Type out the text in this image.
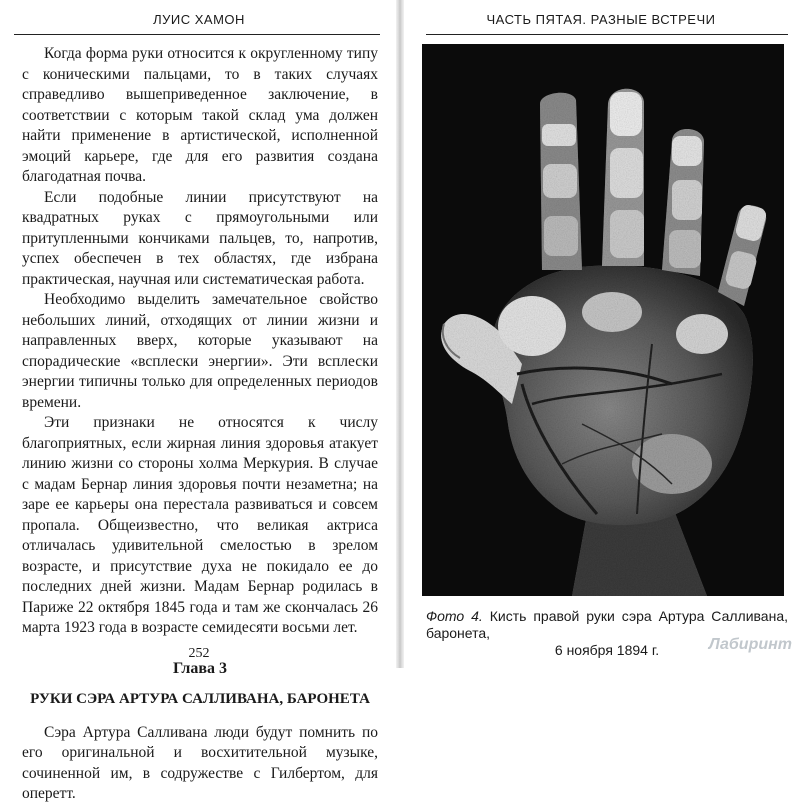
ЛУИС ХАМОН

Когда форма руки относится к округленному типу с коническими пальцами, то в таких случаях справедливо вышеприведенное заключение, в соответствии с которым такой склад ума должен найти применение в артистической, исполненной эмоций карьере, где для его развития создана благодатная почва.

Если подобные линии присутствуют на квадратных руках с прямоугольными или притупленными кончиками пальцев, то, напротив, успех обеспечен в тех областях, где избрана практическая, научная или систематическая работа.

Необходимо выделить замечательное свойство небольших линий, отходящих от линии жизни и направленных вверх, которые указывают на спорадические «всплески энергии». Эти всплески энергии типичны только для определенных периодов времени.

Эти признаки не относятся к числу благоприятных, если жирная линия здоровья атакует линию жизни со стороны холма Меркурия. В случае с мадам Бернар линия здоровья почти незаметна; на заре ее карьеры она перестала развиваться и совсем пропала. Общеизвестно, что великая актриса отличалась удивительной смелостью в зрелом возрасте, и присутствие духа не покидало ее до последних дней жизни. Мадам Бернар родилась в Париже 22 октября 1845 года и там же скончалась 26 марта 1923 года в возрасте семидесяти восьми лет.

Глава 3
РУКИ СЭРА АРТУРА САЛЛИВАНА, БАРОНЕТА

Сэра Артура Салливана люди будут помнить по его оригинальной и восхитительной музыке, сочиненной им, в содружестве с Гилбертом, для оперетт.

252
ЧАСТЬ ПЯТАЯ. РАЗНЫЕ ВСТРЕЧИ
Фото 4. Кисть правой руки сэра Артура Салливана, баронета,
6 ноября 1894 г.	Лабиринт
